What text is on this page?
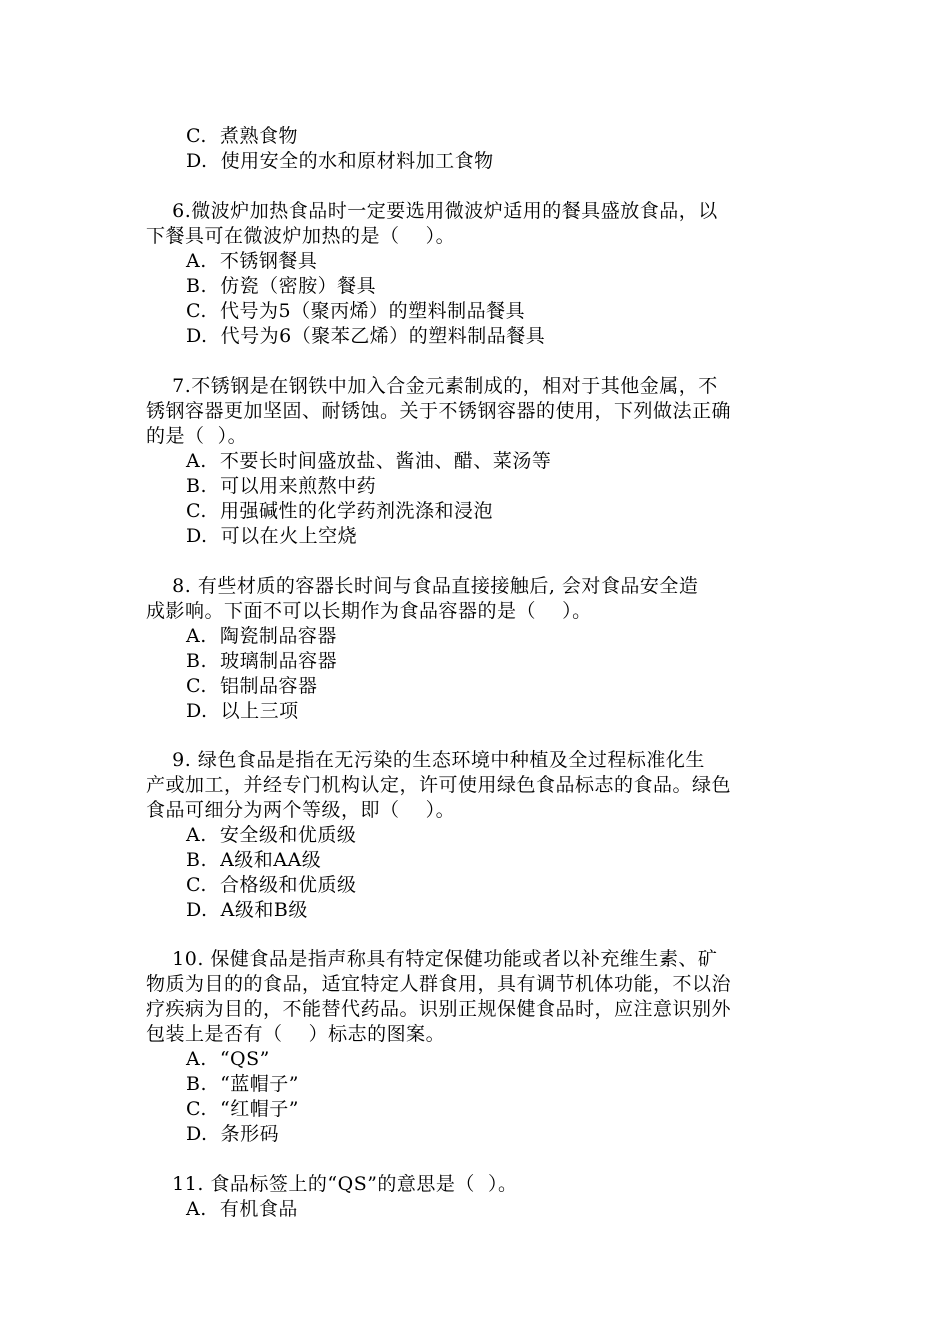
C.  煮熟食物
D.  使用安全的水和原材料加工食物
6.微波炉加热食品时一定要选用微波炉适用的餐具盛放食品，以
下餐具可在微波炉加热的是（    ）。
A.  不锈钢餐具
B.  仿瓷（密胺）餐具
C.  代号为5（聚丙烯）的塑料制品餐具
D.  代号为6（聚苯乙烯）的塑料制品餐具
7.不锈钢是在钢铁中加入合金元素制成的，相对于其他金属，不
锈钢容器更加坚固、耐锈蚀。关于不锈钢容器的使用，下列做法正确
的是（  ）。
A.  不要长时间盛放盐、酱油、醋、菜汤等
B.  可以用来煎熬中药
C.  用强碱性的化学药剂洗涤和浸泡
D.  可以在火上空烧
8. 有些材质的容器长时间与食品直接接触后, 会对食品安全造
成影响。下面不可以长期作为食品容器的是（    ）。
A.  陶瓷制品容器
B.  玻璃制品容器
C.  铝制品容器
D.  以上三项
9. 绿色食品是指在无污染的生态环境中种植及全过程标准化生
产或加工，并经专门机构认定，许可使用绿色食品标志的食品。绿色
食品可细分为两个等级，即（    ）。
A.  安全级和优质级
B.  A级和AA级
C.  合格级和优质级
D.  A级和B级
10. 保健食品是指声称具有特定保健功能或者以补充维生素、矿
物质为目的的食品，适宜特定人群食用，具有调节机体功能，不以治
疗疾病为目的，不能替代药品。识别正规保健食品时，应注意识别外
包装上是否有（    ）标志的图案。
A.  “QS”
B.  “蓝帽子”
C.  “红帽子”
D.  条形码
11. 食品标签上的“QS”的意思是（  ）。
A.  有机食品
